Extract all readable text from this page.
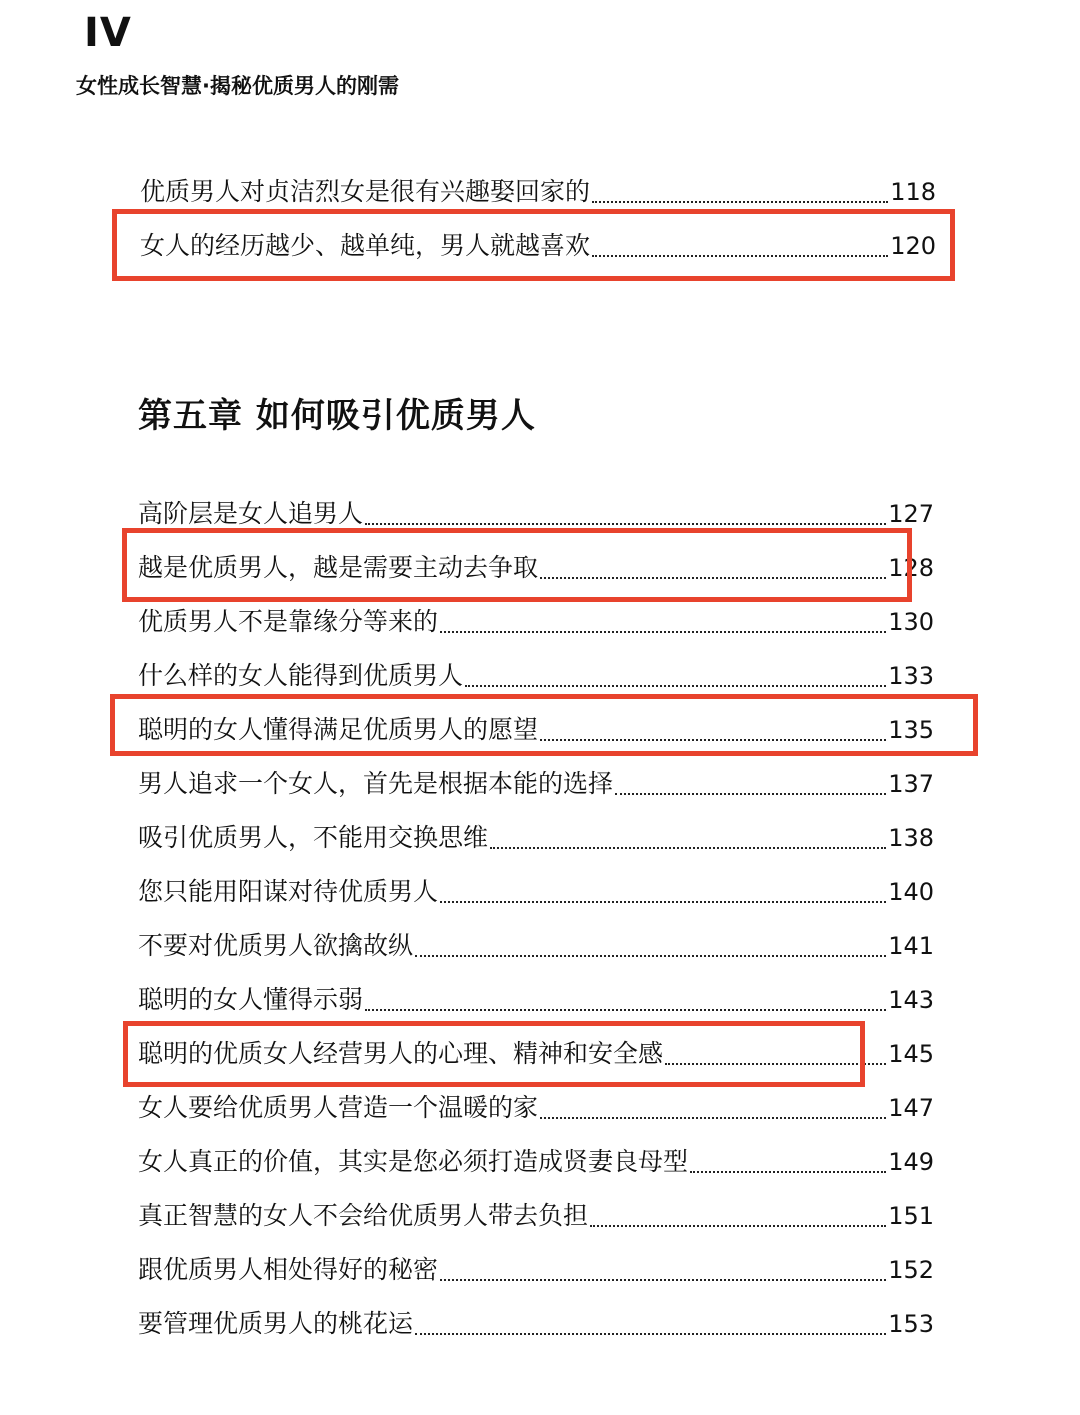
IV
女性成长智慧·揭秘优质男人的刚需
优质男人对贞洁烈女是很有兴趣娶回家的	118
女人的经历越少、越单纯，男人就越喜欢	120
第五章 如何吸引优质男人
高阶层是女人追男人	127
越是优质男人，越是需要主动去争取	128
优质男人不是靠缘分等来的	130
什么样的女人能得到优质男人	133
聪明的女人懂得满足优质男人的愿望	135
男人追求一个女人，首先是根据本能的选择	137
吸引优质男人，不能用交换思维	138
您只能用阳谋对待优质男人	140
不要对优质男人欲擒故纵	141
聪明的女人懂得示弱	143
聪明的优质女人经营男人的心理、精神和安全感	145
女人要给优质男人营造一个温暖的家	147
女人真正的价值，其实是您必须打造成贤妻良母型	149
真正智慧的女人不会给优质男人带去负担	151
跟优质男人相处得好的秘密	152
要管理优质男人的桃花运	153
